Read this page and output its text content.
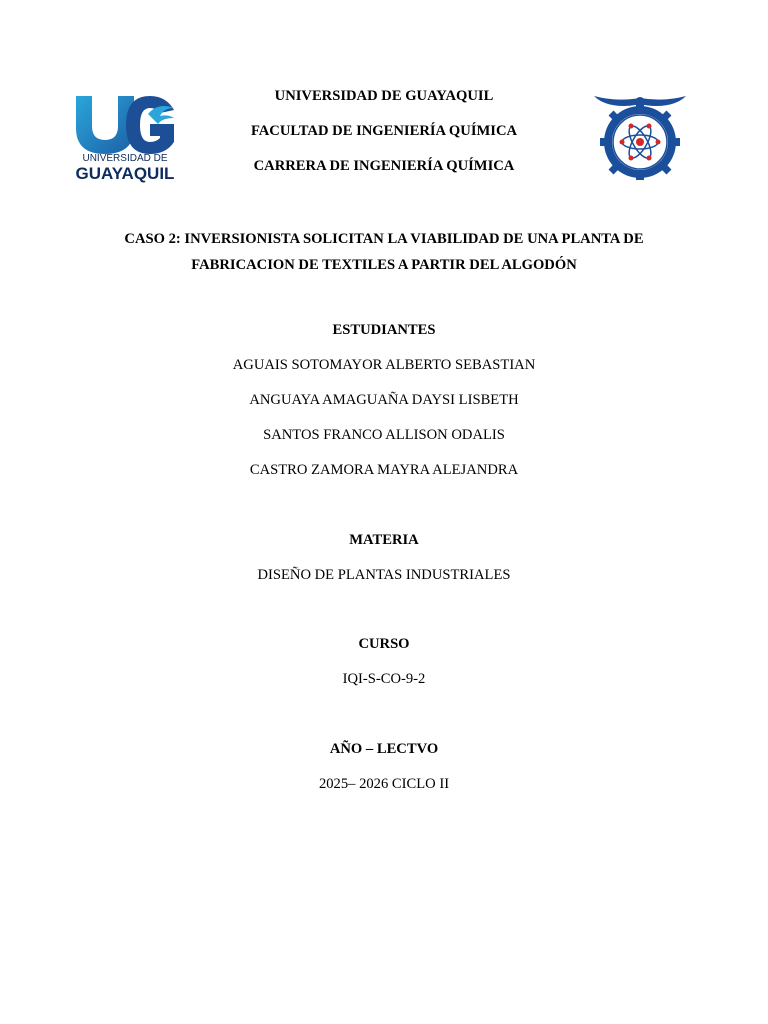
UNIVERSIDAD DE
GUAYAQUIL
UNIVERSIDAD DE GUAYAQUIL
FACULTAD DE INGENIERÍA QUÍMICA
CARRERA DE INGENIERÍA QUÍMICA
CASO 2: INVERSIONISTA SOLICITAN LA VIABILIDAD DE UNA PLANTA DE
FABRICACION DE TEXTILES A PARTIR DEL ALGODÓN
ESTUDIANTES
AGUAIS SOTOMAYOR ALBERTO SEBASTIAN
ANGUAYA AMAGUAÑA DAYSI LISBETH
SANTOS FRANCO ALLISON ODALIS
CASTRO ZAMORA MAYRA ALEJANDRA
MATERIA
DISEÑO DE PLANTAS INDUSTRIALES
CURSO
IQI-S-CO-9-2
AÑO – LECTVO
2025– 2026 CICLO II
